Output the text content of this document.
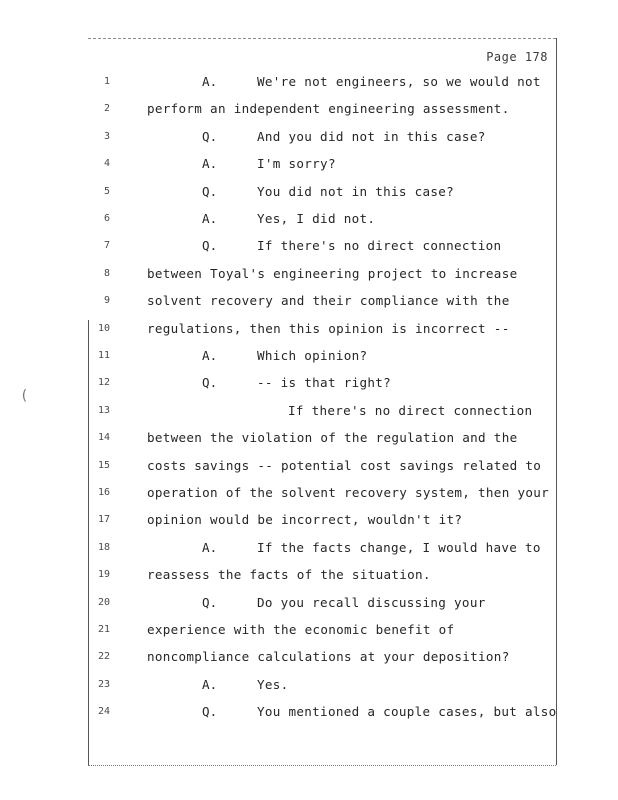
Page 178
(
1	A.	We're not engineers, so we would not
2	perform an independent engineering assessment.
3	Q.	And you did not in this case?
4	A.	I'm sorry?
5	Q.	You did not in this case?
6	A.	Yes, I did not.
7	Q.	If there's no direct connection
8	between Toyal's engineering project to increase
9	solvent recovery and their compliance with the
10	regulations, then this opinion is incorrect --
11	A.	Which opinion?
12	Q.	-- is that right?
13	If there's no direct connection
14	between the violation of the regulation and the
15	costs savings -- potential cost savings related to
16	operation of the solvent recovery system, then your
17	opinion would be incorrect, wouldn't it?
18	A.	If the facts change, I would have to
19	reassess the facts of the situation.
20	Q.	Do you recall discussing your
21	experience with the economic benefit of
22	noncompliance calculations at your deposition?
23	A.	Yes.
24	Q.	You mentioned a couple cases, but also
